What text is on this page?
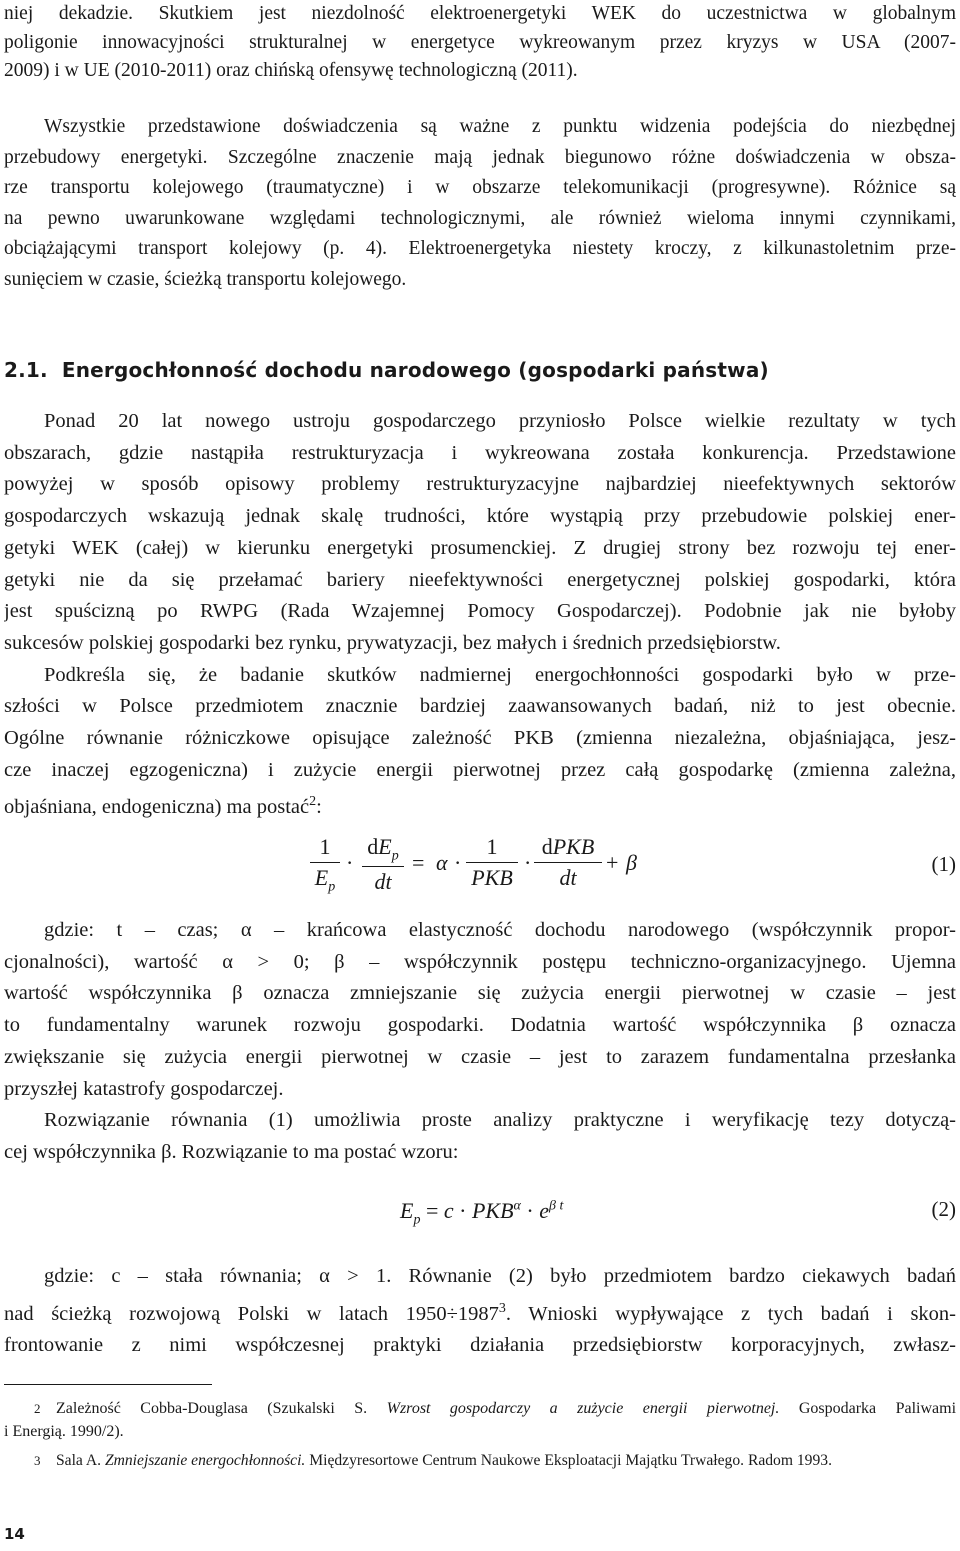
niej dekadzie. Skutkiem jest niezdolność elektroenergetyki WEK do uczestnictwa w globalnym
poligonie innowacyjności strukturalnej w energetyce wykreowanym przez kryzys w USA (2007-
2009) i w UE (2010-2011) oraz chińską ofensywę technologiczną (2011).
Wszystkie przedstawione doświadczenia są ważne z punktu widzenia podejścia do niezbędnej
przebudowy energetyki. Szczególne znaczenie mają jednak biegunowo różne doświadczenia w obsza-
rze transportu kolejowego (traumatyczne) i w obszarze telekomunikacji (progresywne). Różnice są
na pewno uwarunkowane względami technologicznymi, ale również wieloma innymi czynnikami,
obciążającymi transport kolejowy (p. 4). Elektroenergetyka niestety kroczy, z kilkunastoletnim prze-
sunięciem w czasie, ścieżką transportu kolejowego.
2.1. Energochłonność dochodu narodowego (gospodarki państwa)
Ponad 20 lat nowego ustroju gospodarczego przyniosło Polsce wielkie rezultaty w tych
obszarach, gdzie nastąpiła restrukturyzacja i wykreowana została konkurencja. Przedstawione
powyżej w sposób opisowy problemy restrukturyzacyjne najbardziej nieefektywnych sektorów
gospodarczych wskazują jednak skalę trudności, które wystąpią przy przebudowie polskiej ener-
getyki WEK (całej) w kierunku energetyki prosumenckiej. Z drugiej strony bez rozwoju tej ener-
getyki nie da się przełamać bariery nieefektywności energetycznej polskiej gospodarki, która
jest spuścizną po RWPG (Rada Wzajemnej Pomocy Gospodarczej). Podobnie jak nie byłoby
sukcesów polskiej gospodarki bez rynku, prywatyzacji, bez małych i średnich przedsiębiorstw.
Podkreśla się, że badanie skutków nadmiernej energochłonności gospodarki było w prze-
szłości w Polsce przedmiotem znacznie bardziej zaawansowanych badań, niż to jest obecnie.
Ogólne równanie różniczkowe opisujące zależność PKB (zmienna niezależna, objaśniająca, jesz-
cze inaczej egzogeniczna) i zużycie energii pierwotnej przez całą gospodarkę (zmienna zależna,
objaśniana, endogeniczna) ma postać$^2$:
1
$E_p$
·
$dE_p$
dt
= α ·
1
PKB
·
dPKB
dt
+ β	(1)
gdzie: t – czas; α – krańcowa elastyczność dochodu narodowego (współczynnik propor-
cjonalności), wartość α > 0; β – współczynnik postępu techniczno-organizacyjnego. Ujemna
wartość współczynnika β oznacza zmniejszanie się zużycia energii pierwotnej w czasie – jest
to fundamentalny warunek rozwoju gospodarki. Dodatnia wartość współczynnika β oznacza
zwiększanie się zużycia energii pierwotnej w czasie – jest to zarazem fundamentalna przesłanka
przyszłej katastrofy gospodarczej.
Rozwiązanie równania (1) umożliwia proste analizy praktyczne i weryfikację tezy dotyczą-
cej współczynnika β. Rozwiązanie to ma postać wzoru:
$E_p = c \cdot PKB^\alpha \cdot e^{\beta t}$	(2)
gdzie: c – stała równania; α > 1. Równanie (2) było przedmiotem bardzo ciekawych badań
nad ścieżką rozwojową Polski w latach $1950\div 1987^3$. Wnioski wypływające z tych badań i skon-
frontowanie z nimi współczesnej praktyki działania przedsiębiorstw korporacyjnych, zwłasz-
2 Zależność Cobba-Douglasa (Szukalski S. Wzrost gospodarczy a zużycie energii pierwotnej. Gospodarka Paliwami
i Energią. 1990/2).
3 Sala A. Zmniejszanie energochłonności. Międzyresortowe Centrum Naukowe Eksploatacji Majątku Trwałego. Radom 1993.
14
